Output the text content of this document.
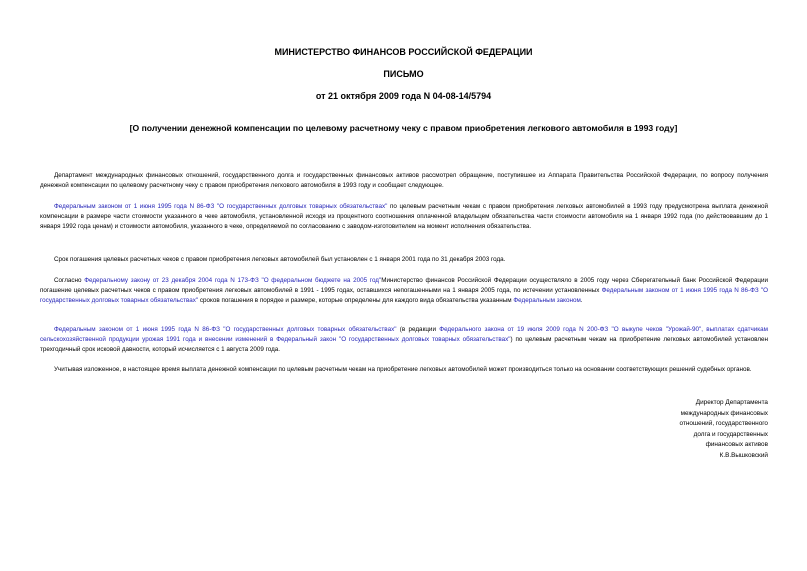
МИНИСТЕРСТВО ФИНАНСОВ РОССИЙСКОЙ ФЕДЕРАЦИИ
ПИСЬМО
от 21 октября 2009 года N 04-08-14/5794
[О получении денежной компенсации по целевому расчетному чеку с правом приобретения легкового автомобиля в 1993 году]
Департамент международных финансовых отношений, государственного долга и государственных финансовых активов рассмотрел обращение, поступившее из Аппарата Правительства Российской Федерации, по вопросу получения денежной компенсации по целевому расчетному чеку с правом приобретения легкового автомобиля в 1993 году и сообщает следующее.
Федеральным законом от 1 июня 1995 года N 86-ФЗ "О государственных долговых товарных обязательствах" по целевым расчетным чекам с правом приобретения легковых автомобилей в 1993 году предусмотрена выплата денежной компенсации в размере части стоимости указанного в чеке автомобиля, установленной исходя из процентного соотношения оплаченной владельцем обязательства части стоимости автомобиля на 1 января 1992 года (по действовавшим до 1 января 1992 года ценам) и стоимости автомобиля, указанного в чеке, определяемой по согласованию с заводом-изготовителем на момент исполнения обязательства.
Срок погашения целевых расчетных чеков с правом приобретения легковых автомобилей был установлен с 1 января 2001 года по 31 декабря 2003 года.
Согласно Федеральному закону от 23 декабря 2004 года N 173-ФЗ "О федеральном бюджете на 2005 год"Министерство финансов Российской Федерации осуществляло в 2005 году через Сберегательный банк Российской Федерации погашение целевых расчетных чеков с правом приобретения легковых автомобилей в 1991 - 1995 годах, оставшихся непогашенными на 1 января 2005 года, по истечении установленных Федеральным законом от 1 июня 1995 года N 86-ФЗ "О государственных долговых товарных обязательствах" сроков погашения в порядке и размере, которые определены для каждого вида обязательства указанным Федеральным законом.
Федеральным законом от 1 июня 1995 года N 86-ФЗ "О государственных долговых товарных обязательствах" (в редакции Федерального закона от 19 июля 2009 года N 200-ФЗ "О выкупе чеков "Урожай-90", выплатах сдатчикам сельскохозяйственной продукции урожая 1991 года и внесении изменений в Федеральный закон "О государственных долговых товарных обязательствах") по целевым расчетным чекам на приобретение легковых автомобилей установлен трехгодичный срок исковой давности, который исчисляется с 1 августа 2009 года.
Учитывая изложенное, в настоящее время выплата денежной компенсации по целевым расчетным чекам на приобретение легковых автомобилей может производиться только на основании соответствующих решений судебных органов.
Директор Департамента
международных финансовых
отношений, государственного
долга и государственных
финансовых активов
К.В.Вышковский
